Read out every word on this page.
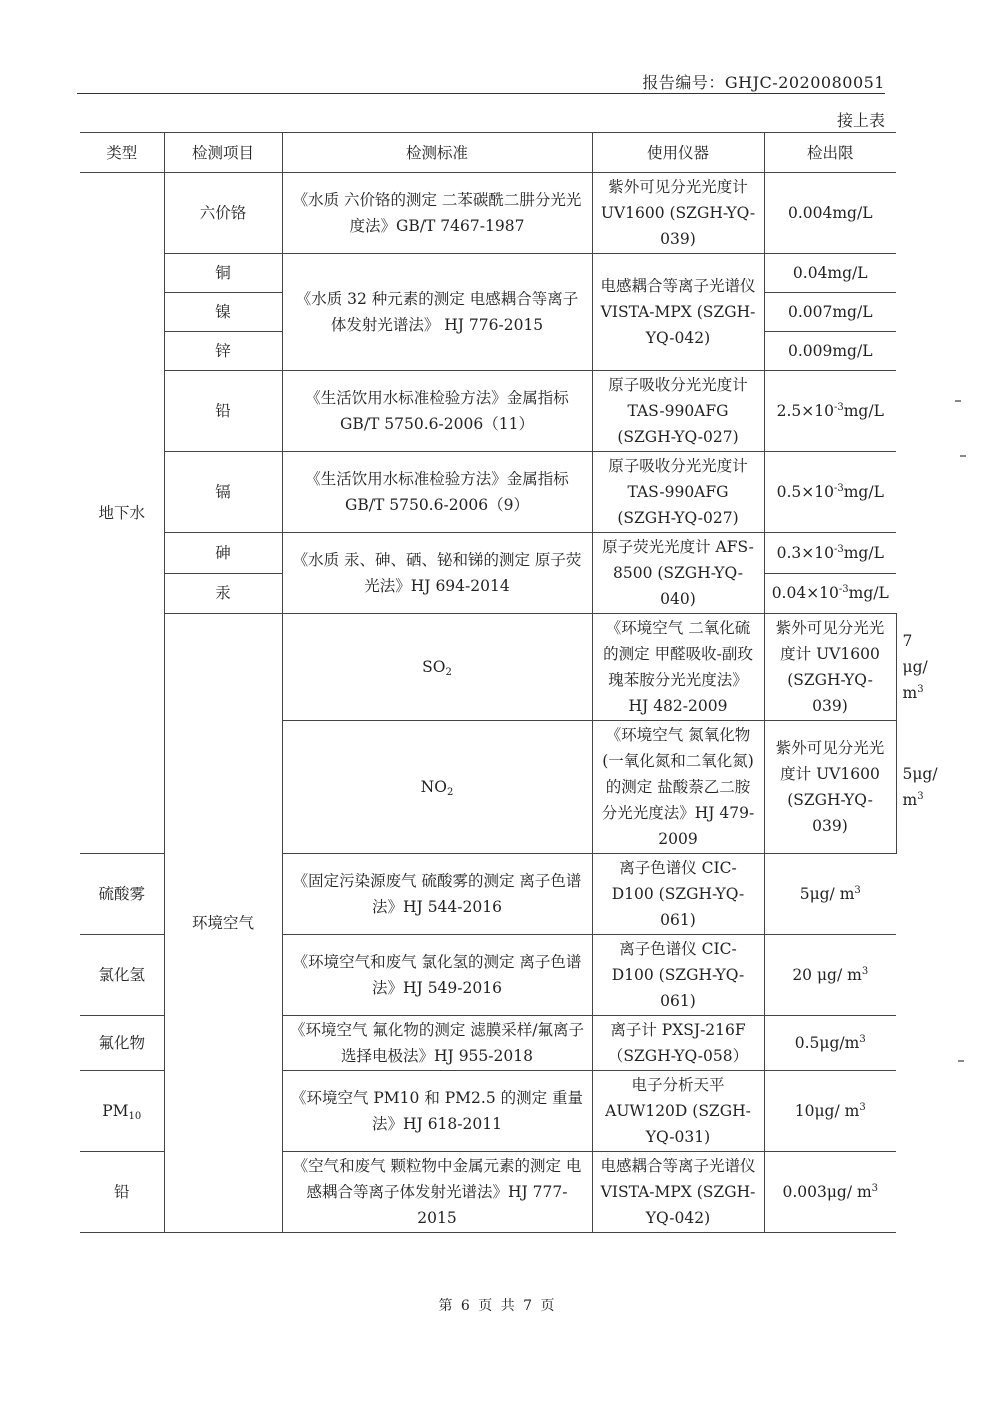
报告编号：GHJC-2020080051
接上表
类型	检测项目	检测标准	使用仪器	检出限	
地下水	六价铬	《水质 六价铬的测定 二苯碳酰二肼分光光度法》GB/T 7467-1987	紫外可见分光光度计 UV1600 (SZGH-YQ-039)	0.004mg/L	
	铜	《水质 32 种元素的测定 电感耦合等离子体发射光谱法》 HJ 776-2015	电感耦合等离子光谱仪 VISTA-MPX (SZGH-YQ-042)	0.04mg/L	
	镍			0.007mg/L	
	锌			0.009mg/L	
	铅	《生活饮用水标准检验方法》金属指标 GB/T 5750.6-2006（11）	原子吸收分光光度计 TAS-990AFG (SZGH-YQ-027)	$2.5\times 10^{-3}mg/L$	
	镉	《生活饮用水标准检验方法》金属指标 GB/T 5750.6-2006（9）	原子吸收分光光度计 TAS-990AFG (SZGH-YQ-027)	$0.5\times 10^{-3}mg/L$	
	砷	《水质 汞、砷、硒、铋和锑的测定 原子荧光法》HJ 694-2014	原子荧光光度计 AFS-8500 (SZGH-YQ-040)	$0.3\times 10^{-3}mg/L$	
	汞			$0.04\times 10^{-3}mg/L$	
	环境空气	$SO_2$	《环境空气 二氧化硫的测定 甲醛吸收-副玫瑰苯胺分光光度法》HJ 482-2009	紫外可见分光光度计 UV1600 (SZGH-YQ-039)	7 μg/ $m^3$
		$NO_2$	《环境空气 氮氧化物(一氧化氮和二氧化氮)的测定 盐酸萘乙二胺分光光度法》HJ 479-2009	紫外可见分光光度计 UV1600 (SZGH-YQ-039)	5μg/ $m^3$
硫酸雾		《固定污染源废气 硫酸雾的测定 离子色谱法》HJ 544-2016	离子色谱仪 CIC-D100 (SZGH-YQ-061)	5μg/ $m^3$
氯化氢		《环境空气和废气 氯化氢的测定 离子色谱法》HJ 549-2016	离子色谱仪 CIC-D100 (SZGH-YQ-061)	20 μg/ $m^3$
氟化物		《环境空气 氟化物的测定 滤膜采样/氟离子选择电极法》HJ 955-2018	离子计 PXSJ-216F（SZGH-YQ-058）	$0.5\mu g/m^3$
$PM_{10}$		《环境空气 PM10 和 PM2.5 的测定 重量法》HJ 618-2011	电子分析天平 AUW120D (SZGH-YQ-031)	10μg/ $m^3$
铅		《空气和废气 颗粒物中金属元素的测定 电感耦合等离子体发射光谱法》HJ 777-2015	电感耦合等离子光谱仪 VISTA-MPX (SZGH-YQ-042)	0.003μg/ $m^3$
第 6 页 共 7 页
